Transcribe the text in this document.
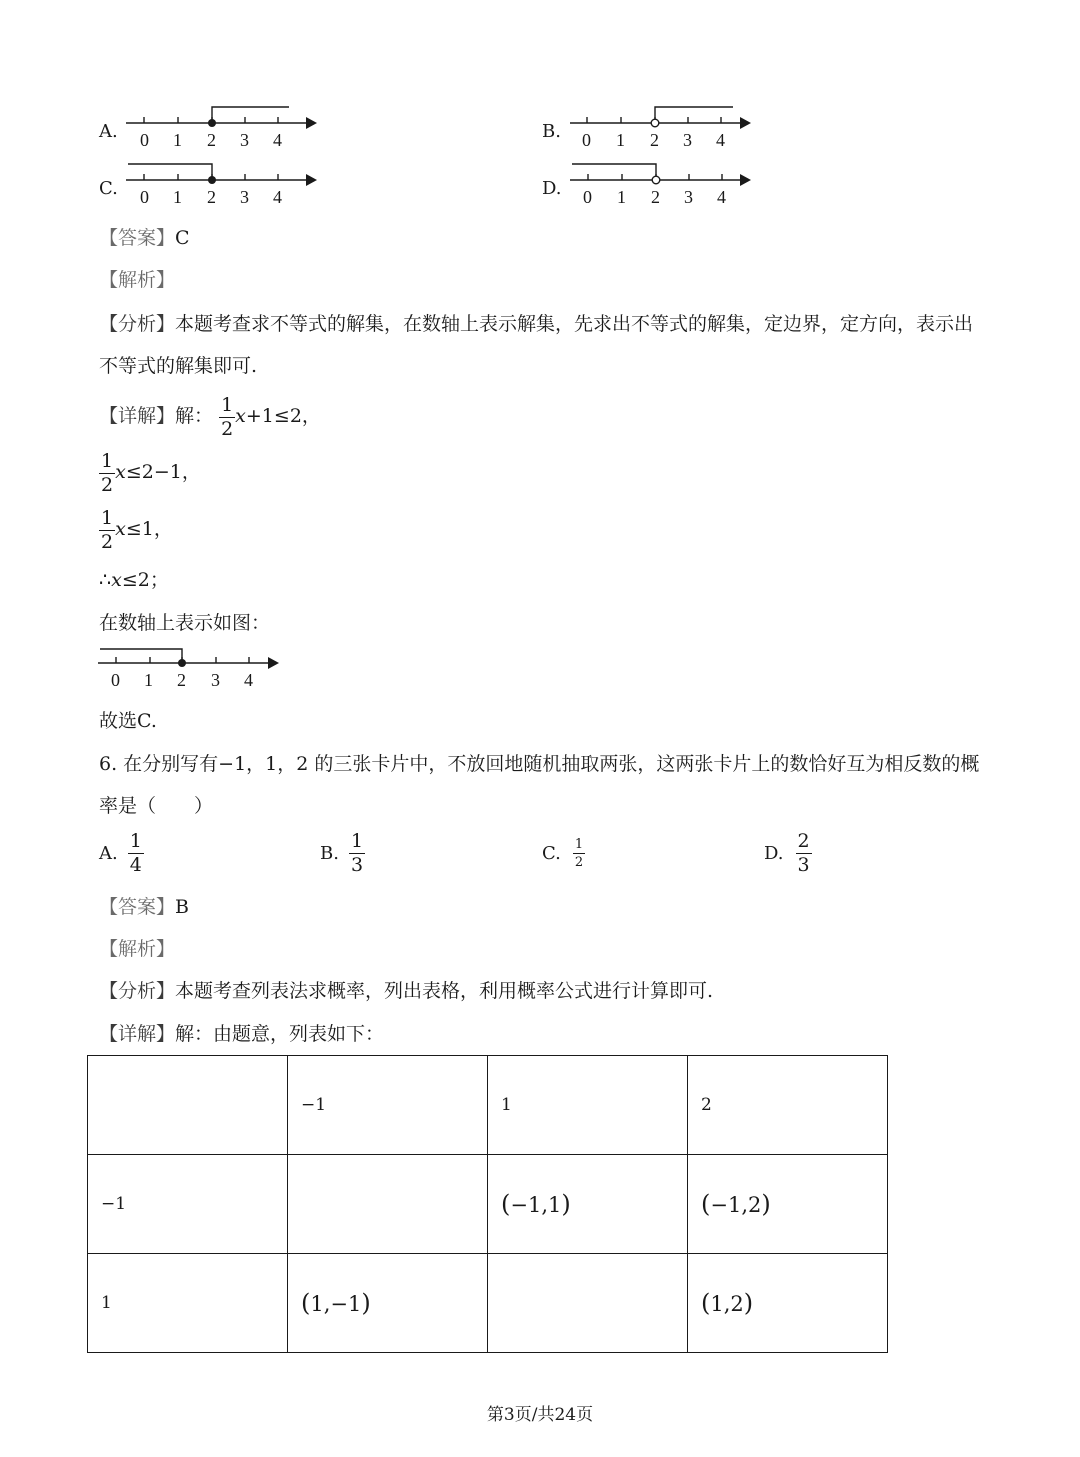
A. 0 1 2 3 4	B. 0 1 2 3 4
C. 0 1 2 3 4	D. 0 1 2 3 4
【答案】C
【解析】
【分析】本题考查求不等式的解集，在数轴上表示解集，先求出不等式的解集，定边界，定方向，表示出
不等式的解集即可.
【详解】解： $\frac{1}{2} x+1\le 2$，
$\frac{1}{2} x\le 2-1$，
$\frac{1}{2} x\le 1$，
∴x≤2；
在数轴上表示如图：
0 1 2 3 4
故选C.
6. 在分别写有−1，1，2 的三张卡片中，不放回地随机抽取两张，这两张卡片上的数恰好互为相反数的概
率是（　　）
A. $\frac{1}{4}$	B. $\frac{1}{3}$	C. $\frac{1}{2}$	D. $\frac{2}{3}$
【答案】B
【解析】
【分析】本题考查列表法求概率，列出表格，利用概率公式进行计算即可.
【详解】解：由题意，列表如下：
	−1	1	2
−1		(−1,1)	(−1,2)
1	(1,−1)		(1,2)
第3页/共24页
